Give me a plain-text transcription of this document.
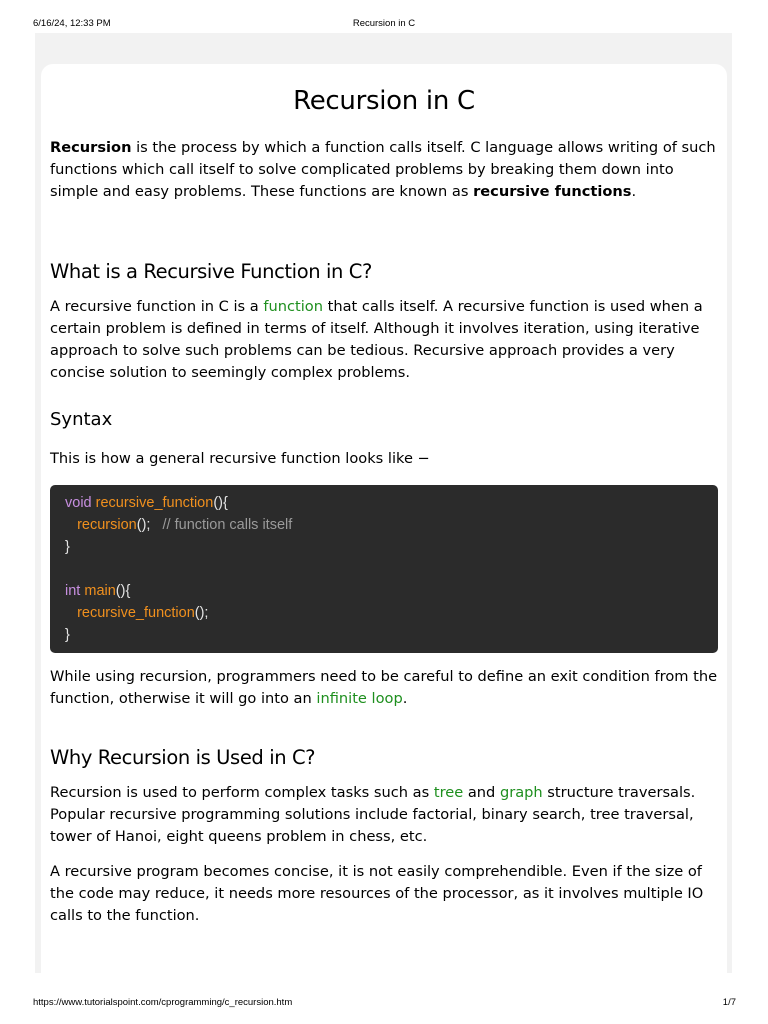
6/16/24, 12:33 PM	Recursion in C
Recursion in C

Recursion is the process by which a function calls itself. C language allows writing of such functions which call itself to solve complicated problems by breaking them down into simple and easy problems. These functions are known as recursive functions.

What is a Recursive Function in C?

A recursive function in C is a function that calls itself. A recursive function is used when a certain problem is defined in terms of itself. Although it involves iteration, using iterative approach to solve such problems can be tedious. Recursive approach provides a very concise solution to seemingly complex problems.

Syntax

This is how a general recursive function looks like −

void recursive_function(){
recursion(); // function calls itself
}
int main(){
recursive_function();
}

While using recursion, programmers need to be careful to define an exit condition from the function, otherwise it will go into an infinite loop.

Why Recursion is Used in C?

Recursion is used to perform complex tasks such as tree and graph structure traversals. Popular recursive programming solutions include factorial, binary search, tree traversal, tower of Hanoi, eight queens problem in chess, etc.

A recursive program becomes concise, it is not easily comprehendible. Even if the size of the code may reduce, it needs more resources of the processor, as it involves multiple IO calls to the function.

https://www.tutorialspoint.com/cprogramming/c_recursion.htm	1/7
